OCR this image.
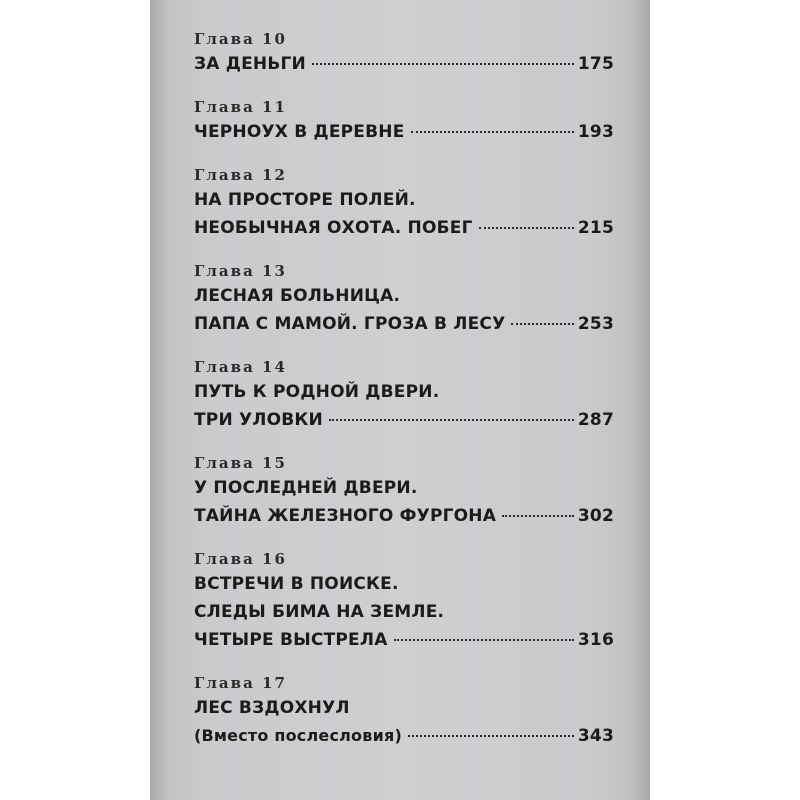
Глава 10
ЗА ДЕНЬГИ	175
Глава 11
ЧЕРНОУХ В ДЕРЕВНЕ	193
Глава 12
НА ПРОСТОРЕ ПОЛЕЙ.
НЕОБЫЧНАЯ ОХОТА. ПОБЕГ	215
Глава 13
ЛЕСНАЯ БОЛЬНИЦА.
ПАПА С МАМОЙ. ГРОЗА В ЛЕСУ	253
Глава 14
ПУТЬ К РОДНОЙ ДВЕРИ.
ТРИ УЛОВКИ	287
Глава 15
У ПОСЛЕДНЕЙ ДВЕРИ.
ТАЙНА ЖЕЛЕЗНОГО ФУРГОНА	302
Глава 16
ВСТРЕЧИ В ПОИСКЕ.
СЛЕДЫ БИМА НА ЗЕМЛЕ.
ЧЕТЫРЕ ВЫСТРЕЛА	316
Глава 17
ЛЕС ВЗДОХНУЛ
(Вместо послесловия)	343
